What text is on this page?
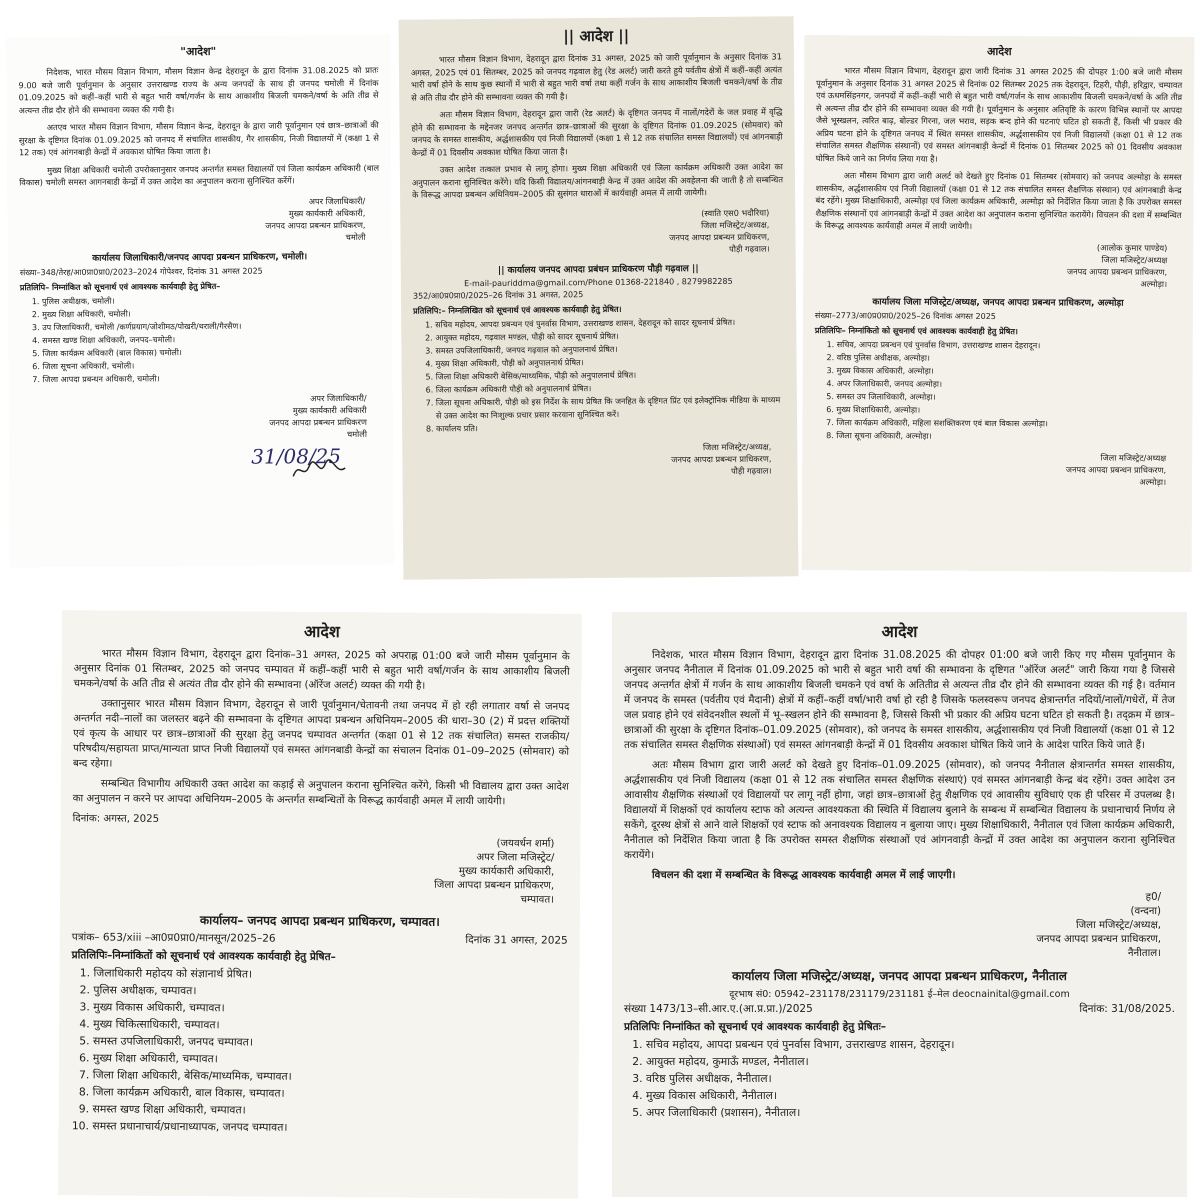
"आदेश"

निदेशक, भारत मौसम विज्ञान विभाग, मौसम विज्ञान केन्द्र देहरादून के द्वारा दिनांक 31.08.2025 को प्रातः 9.00 बजे जारी पूर्वानुमान के अनुसार उत्तराखण्ड राज्य के अन्य जनपदों के साथ ही जनपद चमोली में दिनांक 01.09.2025 को कहीं–कहीं भारी से बहुत भारी वर्षा/गर्जन के साथ आकाशीय बिजली चमकने/वर्षा के अति तीव्र से अत्यन्त तीव्र दौर होने की सम्भावना व्यक्त की गयी है।

अतएव भारत मौसम विज्ञान विभाग, मौसम विज्ञान केन्द्र, देहरादून के द्वारा जारी पूर्वानुमान एवं छात्र–छात्राओं की सुरक्षा के दृष्टिगत दिनांक 01.09.2025 को जनपद में संचालित शासकीय, गैर शासकीय, निजी विद्यालयों में (कक्षा 1 से 12 तक) एवं आंगनबाड़ी केन्द्रों में अवकाश घोषित किया जाता है।

मुख्य शिक्षा अधिकारी चमोली उपरोक्तानुसार जनपद अन्तर्गत समस्त विद्यालयों एवं जिला कार्यक्रम अधिकारी (बाल विकास) चमोली समस्त आगनबाडी केन्द्रों में उक्त आदेश का अनुपालन कराना सुनिश्चित करेंगें।

अपर जिलाधिकारी/
मुख्य कार्यकारी अधिकारी,
जनपद आपदा प्रबन्धन प्राधिकरण,
चमोली
कार्यालय जिलाधिकारी/जनपद आपदा प्रबन्धन प्राधिकरण, चमोली।
संख्या–348/तेरह/आ0प्रा0प्रा0/2023–2024 गोपेश्वर, दिनांक 31 अगस्त 2025
प्रतिलिपि– निम्नांकित को सूचनार्थ एवं आवश्यक कार्यवाही हेतु प्रेषित–
1. पुलिस अधीक्षक, चमोली।
2. मुख्य शिक्षा अधिकारी, चमोली।
3. उप जिलाधिकारी, चमोली /कर्णप्रयाग/जोशीमठ/पोखरी/थराली/गैरसैण।
4. समस्त खण्ड शिक्षा अधिकारी, जनपद–चमोली।
5. जिला कार्यक्रम अधिकारी (बाल विकास) चमोली।
6. जिला सूचना अधिकारी, चमोली।
7. जिला आपदा प्रबन्धन अधिकारी, चमोली।
अपर जिलाधिकारी/
मुख्य कार्यकारी अधिकारी
जनपद आपदा प्रबन्धन प्राधिकरण
चमोली
31/08/25
|| आदेश ||

भारत मौसम विज्ञान विभाग, देहरादून द्वारा दिनांक 31 अगस्त, 2025 को जारी पूर्वानुमान के अनुसार दिनांक 31 अगस्त, 2025 एवं 01 सितम्बर, 2025 को जनपद गढ़वाल हेतु (रेड अलर्ट) जारी करते हुये पर्वतीय क्षेत्रों में कहीं–कहीं अत्यंत भारी वर्षा होने के साथ कुछ स्थानों में भारी से बहुत भारी वर्षा तथा कहीं गर्जन के साथ आकाशीय बिजली चमकने/वर्षा के तीव्र से अति तीव्र दौर होने की सम्भावना व्यक्त की गयी है।

अतः मौसम विज्ञान विभाग, देहरादून द्वारा जारी (रेड अलर्ट) के दृष्टिगत जनपद में नालों/गदेरों के जल प्रवाह में वृद्धि होने की सम्भावना के मद्देनजर जनपद अन्तर्गत छात्र–छात्राओं की सुरक्षा के दृष्टिगत दिनांक 01.09.2025 (सोमवार) को जनपद के समस्त शासकीय, अर्द्धशासकीय एवं निजी विद्यालयों (कक्षा 1 से 12 तक संचालित समस्त विद्यालयों) एवं आंगनबाड़ी केन्द्रों में 01 दिवसीय अवकाश घोषित किया जाता है।

उक्त आदेश तत्काल प्रभाव से लागू होगा। मुख्य शिक्षा अधिकारी एवं जिला कार्यक्रम अधिकारी उक्त आदेश का अनुपालन कराना सुनिश्चित करेंगे। यदि किसी विद्यालय/आंगनबाड़ी केन्द्र में उक्त आदेश की अवहेलना की जाती है तो सम्बन्धित के विरूद्ध आपदा प्रबन्धन अधिनियम–2005 की सुसंगत धाराओं में कार्यवाही अमल में लायी जायेगी।

(स्वाति एस0 भदौरिया)
जिला मजिस्ट्रेट/अध्यक्ष,
जनपद आपदा प्रबन्धन प्राधिकरण,
पौड़ी गढ़वाल।
|| कार्यालय जनपद आपदा प्रबंधन प्राधिकरण पौड़ी गढ़वाल ||
E-mail-pauriddma@gmail.com/Phone 01368-221840 , 8279982285
352/आ0प्र0प्रा0/2025–26 दिनांक 31 अगस्त, 2025
प्रतिलिपि:– निम्नलिखित को सूचनार्थ एवं आवश्यक कार्यवाही हेतु प्रेषित।
1. सचिव महोदय, आपदा प्रबन्धन एवं पुनर्वास विभाग, उत्तराखण्ड शासन, देहरादून को सादर सूचनार्थ प्रेषित।
2. आयुक्त महोदय, गढ़वाल मण्डल, पौड़ी को सादर सूचनार्थ प्रेषित।
3. समस्त उपजिलाधिकारी, जनपद गढ़वाल को अनुपालनार्थ प्रेषित।
4. मुख्य शिक्षा अधिकारी, पौड़ी को अनुपालनार्थ प्रेषित।
5. जिला शिक्षा अधिकारी बेसिक/माध्यमिक, पौड़ी को अनुपालनार्थ प्रेषित।
6. जिला कार्यक्रम अधिकारी पौड़ी को अनुपालनार्थ प्रेषित।
7. जिला सूचना अधिकारी, पौड़ी को इस निर्देश के साथ प्रेषित कि जनहित के दृष्टिगत प्रिंट एवं इलेक्ट्रॉनिक मीडिया के माध्यम से उक्त आदेश का निःशुल्क प्रचार प्रसार करवाना सुनिश्चित करें।
8. कार्यालय प्रति।
जिला मजिस्ट्रेट/अध्यक्ष,
जनपद आपदा प्रबन्धन प्राधिकरण,
पौड़ी गढ़वाल।
आदेश

भारत मौसम विज्ञान विभाग, देहरादून द्वारा जारी दिनांक 31 अगस्त 2025 की दोपहर 1:00 बजे जारी मौसम पूर्वानुमान के अनुसार दिनांक 31 अगस्त 2025 से दिनांक 02 सितम्बर 2025 तक देहरादून, टिहरी, पौड़ी, हरिद्वार, चम्पावत एवं ऊधमसिंहनगर, जनपदों में कहीं–कहीं भारी से बहुत भारी वर्षा/गर्जन के साथ आकाशीय बिजली चमकने/वर्षा के अति तीव्र से अत्यन्त तीव्र दौर होने की सम्भावना व्यक्त की गयी है। पूर्वानुमान के अनुसार अतिवृष्टि के कारण विभिन्न स्थानों पर आपदा जैसे भूस्खलन, त्वरित बाढ़, बोल्डर गिरना, जल भराव, सड़क बन्द होने की घटनाएं घटित हो सकती हैं, किसी भी प्रकार की अप्रिय घटना होने के दृष्टिगत जनपद में स्थित समस्त शासकीय, अर्द्धशासकीय एवं निजी विद्यालयों (कक्षा 01 से 12 तक संचालित समस्त शैक्षणिक संस्थानों) एवं समस्त आंगनबाड़ी केन्द्रों में दिनांक 01 सितम्बर 2025 को 01 दिवसीय अवकाश घोषित किये जाने का निर्णय लिया गया है।

अतः मौसम विभाग द्वारा जारी अलर्ट को देखते हुए दिनांक 01 सितम्बर (सोमवार) को जनपद अल्मोड़ा के समस्त शासकीय, अर्द्धशासकीय एवं निजी विद्यालयों (कक्षा 01 से 12 तक संचालित समस्त शैक्षणिक संस्थान) एवं आंगनबाडी केन्द्र बंद रहेंगे। मुख्य शिक्षाधिकारी, अल्मोड़ा एवं जिला कार्यक्रम अधिकारी, अल्मोड़ा को निर्देशित किया जाता है कि उपरोक्त समस्त शैक्षणिक संस्थानों एवं आंगनबाड़ी केन्द्रों में उक्त आदेश का अनुपालन कराना सुनिश्चित करायेंगे। विचलन की दशा में सम्बन्धित के विरूद्ध आवश्यक कार्यवाही अमल में लायी जायेगी।

(आलोक कुमार पाण्डेय)
जिला मजिस्ट्रेट/अध्यक्ष
जनपद आपदा प्रबन्धन प्राधिकरण,
अल्मोड़ा।
कार्यालय जिला मजिस्ट्रेट/अध्यक्ष, जनपद आपदा प्रबन्धन प्राधिकरण, अल्मोड़ा
संख्या–2773/आ0प्र0प्रा0/2025–26 दिनांक अगस्त 2025
प्रतिलिपिः– निम्नांकितो को सूचनार्थ एवं आवश्यक कार्यवाही हेतु प्रेषित।
1. सचिव, आपदा प्रबन्धन एवं पुनर्वास विभाग, उत्तराखण्ड शासन देहरादून।
2. वरिष्ठ पुलिस अधीक्षक, अल्मोड़ा।
3. मुख्य विकास अधिकारी, अल्मोड़ा।
4. अपर जिलाधिकारी, जनपद अल्मोड़ा।
5. समस्त उप जिलाधिकारी, अल्मोड़ा।
6. मुख्य शिक्षाधिकारी, अल्मोड़ा।
7. जिला कार्यक्रम अधिकारी, महिला सशक्तिकरण एवं बाल विकास अल्मोड़ा।
8. जिला सूचना अधिकारी, अल्मोड़ा।
जिला मजिस्ट्रेट/अध्यक्ष
जनपद आपदा प्रबन्धन प्राधिकरण,
अल्मोड़ा।
आदेश

भारत मौसम विज्ञान विभाग, देहरादून द्वारा दिनांक–31 अगस्त, 2025 को अपराह्न 01:00 बजे जारी मौसम पूर्वानुमान के अनुसार दिनांक 01 सितम्बर, 2025 को जनपद चम्पावत में कहीं–कहीं भारी से बहुत भारी वर्षा/गर्जन के साथ आकाशीय बिजली चमकने/वर्षा के अति तीव्र से अत्यंत तीव्र दौर होने की सम्भावना (ऑरेंज अलर्ट) व्यक्त की गयी है।

उक्तानुसार भारत मौसम विज्ञान विभाग, देहरादून से जारी पूर्वानुमान/चेतावनी तथा जनपद में हो रही लगातार वर्षा से जनपद अन्तर्गत नदी–नालों का जलस्तर बढ़ने की सम्भावना के दृष्टिगत आपदा प्रबन्धन अधिनियम–2005 की धारा–30 (2) में प्रदत्त शक्तियों एवं कृत्य के आधार पर छात्र–छात्राओं की सुरक्षा हेतु जनपद चम्पावत अन्तर्गत (कक्षा 01 से 12 तक संचालित) समस्त राजकीय/परिषदीय/सहायता प्राप्त/मान्यता प्राप्त निजी विद्यालयों एवं समस्त आंगनबाडी केन्द्रों का संचालन दिनांक 01–09–2025 (सोमवार) को बन्द रहेगा।

सम्बन्धित विभागीय अधिकारी उक्त आदेश का कड़ाई से अनुपालन कराना सुनिश्चित करेंगे, किसी भी विद्यालय द्वारा उक्त आदेश का अनुपालन न करने पर आपदा अधिनियम–2005 के अन्तर्गत सम्बन्धितों के विरूद्ध कार्यवाही अमल में लायी जायेगी।

दिनांक: अगस्त, 2025

(जयवर्धन शर्मा)
अपर जिला मजिस्ट्रेट/
मुख्य कार्यकारी अधिकारी,
जिला आपदा प्रबन्धन प्राधिकरण,
चम्पावत।
कार्यालय– जनपद आपदा प्रबन्धन प्राधिकरण, चम्पावत।
पत्रांक– 653/xiii –आ0प्र0प्रा0/मानसून/2025–26	दिनांक 31 अगस्त, 2025
प्रतिलिपिः–निम्नांकितों को सूचनार्थ एवं आवश्यक कार्यवाही हेतु प्रेषित–
1. जिलाधिकारी महोदय को संज्ञानार्थ प्रेषित।
2. पुलिस अधीक्षक, चम्पावत।
3. मुख्य विकास अधिकारी, चम्पावत।
4. मुख्य चिकित्साधिकारी, चम्पावत।
5. समस्त उपजिलाधिकारी, जनपद चम्पावत।
6. मुख्य शिक्षा अधिकारी, चम्पावत।
7. जिला शिक्षा अधिकारी, बेसिक/माध्यमिक, चम्पावत।
8. जिला कार्यक्रम अधिकारी, बाल विकास, चम्पावत।
9. समस्त खण्ड शिक्षा अधिकारी, चम्पावत।
10. समस्त प्रधानाचार्य/प्रधानाध्यापक, जनपद चम्पावत।
आदेश

निदेशक, भारत मौसम विज्ञान विभाग, देहरादून द्वारा दिनांक 31.08.2025 की दोपहर 01:00 बजे जारी किए गए मौसम पूर्वानुमान के अनुसार जनपद नैनीताल में दिनांक 01.09.2025 को भारी से बहुत भारी वर्षा की सम्भावना के दृष्टिगत "ऑरेंज अलर्ट" जारी किया गया है जिससे जनपद अन्तर्गत क्षेत्रों में गर्जन के साथ आकाशीय बिजली चमकने एवं वर्षा के अतितीव्र से अत्यन्त तीव्र दौर होने की सम्भावना व्यक्त की गई है। वर्तमान में जनपद के समस्त (पर्वतीय एवं मैदानी) क्षेत्रों में कहीं–कहीं वर्षा/भारी वर्षा हो रही है जिसके फलस्वरूप जनपद क्षेत्रान्तर्गत नदियों/नालों/गधेरों, में तेज जल प्रवाह होने एवं संवेदनशील स्थलों में भू–स्खलन होने की सम्भावना है, जिससे किसी भी प्रकार की अप्रिय घटना घटित हो सकती है। तद्क्रम में छात्र–छात्राओं की सुरक्षा के दृष्टिगत दिनांक–01.09.2025 (सोमवार), को जनपद के समस्त शासकीय, अर्द्धशासकीय एवं निजी विद्यालयों (कक्षा 01 से 12 तक संचालित समस्त शैक्षणिक संस्थाओं) एवं समस्त आंगनबाड़ी केन्द्रों में 01 दिवसीय अवकाश घोषित किये जाने के आदेश पारित किये जाते हैं।

अतः मौसम विभाग द्वारा जारी अलर्ट को देखते हुए दिनांक–01.09.2025 (सोमवार), को जनपद नैनीताल क्षेत्रान्तर्गत समस्त शासकीय, अर्द्धशासकीय एवं निजी विद्यालय (कक्षा 01 से 12 तक संचालित समस्त शैक्षणिक संस्थाएं) एवं समस्त आंगनबाड़ी केन्द्र बंद रहेंगे। उक्त आदेश उन आवासीय शैक्षणिक संस्थाओं एवं विद्यालयों पर लागू नहीं होगा, जहां छात्र–छात्राओं हेतु शैक्षणिक एवं आवासीय सुविधाएं एक ही परिसर में उपलब्ध है। विद्यालयों में शिक्षकों एवं कार्यालय स्टाफ को अत्यन्त आवश्यकता की स्थिति में विद्यालय बुलाने के सम्बन्ध में सम्बन्धित विद्यालय के प्रधानाचार्य निर्णय ले सकेंगे, दूरस्थ क्षेत्रों से आने वाले शिक्षकों एवं स्टाफ को अनावश्यक विद्यालय न बुलाया जाए। मुख्य शिक्षाधिकारी, नैनीताल एवं जिला कार्यक्रम अधिकारी, नैनीताल को निर्देशित किया जाता है कि उपरोक्त समस्त शैक्षणिक संस्थाओं एवं आंगनवाड़ी केन्द्रों में उक्त आदेश का अनुपालन कराना सुनिश्चित करायेंगे।

विचलन की दशा में सम्बन्धित के विरूद्ध आवश्यक कार्यवाही अमल में लाई जाएगी।

ह0/
(वन्दना)
जिला मजिस्ट्रेट/अध्यक्ष,
जनपद आपदा प्रबन्धन प्राधिकरण,
नैनीताल।
कार्यालय जिला मजिस्ट्रेट/अध्यक्ष, जनपद आपदा प्रबन्धन प्राधिकरण, नैनीताल
दूरभाष सं0: 05942–231178/231179/231181 ई–मेल deocnainital@gmail.com
संख्या 1473/13–सी.आर.ए.(आ.प्र.प्रा.)/2025	दिनांक: 31/08/2025.
प्रतिलिपिः निम्नांकित को सूचनार्थ एवं आवश्यक कार्यवाही हेतु प्रेषितः–
1. सचिव महोदय, आपदा प्रबन्धन एवं पुनर्वास विभाग, उत्तराखण्ड शासन, देहरादून।
2. आयुक्त महोदय, कुमाऊँ मण्डल, नैनीताल।
3. वरिष्ठ पुलिस अधीक्षक, नैनीताल।
4. मुख्य विकास अधिकारी, नैनीताल।
5. अपर जिलाधिकारी (प्रशासन), नैनीताल।
